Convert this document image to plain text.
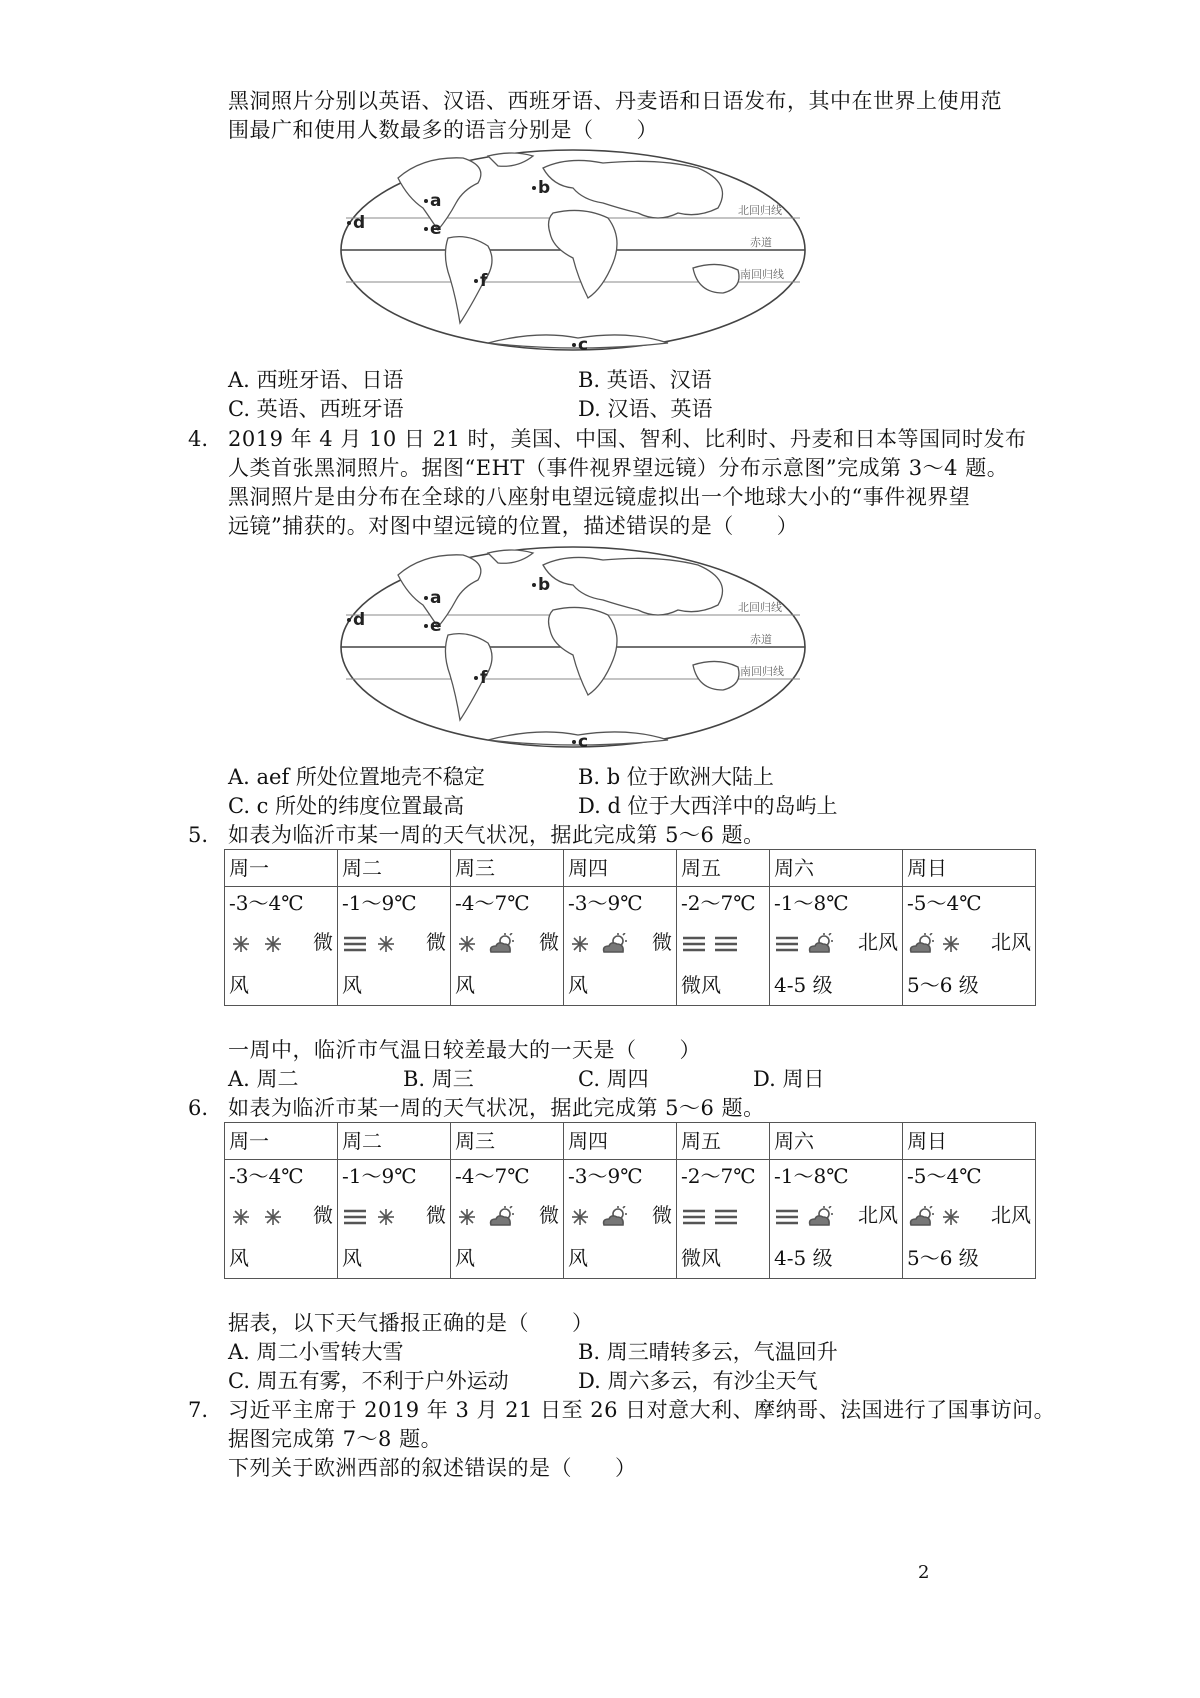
黑洞照片分别以英语、汉语、西班牙语、丹麦语和日语发布，其中在世界上使用范
围最广和使用人数最多的语言分别是（　　）
a
b
c
d	e
f
北回归线
赤道
南回归线
A. 西班牙语、日语	B. 英语、汉语
C. 英语、西班牙语	D. 汉语、英语
4. 2019 年 4 月 10 日 21 时，美国、中国、智利、比利时、丹麦和日本等国同时发布
人类首张黑洞照片。据图“EHT（事件视界望远镜）分布示意图”完成第 3～4 题。
黑洞照片是由分布在全球的八座射电望远镜虚拟出一个地球大小的“事件视界望
远镜”捕获的。对图中望远镜的位置，描述错误的是（　　）
a
b
c
d	e
f
北回归线
赤道
南回归线
A. aef 所处位置地壳不稳定	B. b 位于欧洲大陆上
C. c 所处的纬度位置最高	D. d 位于大西洋中的岛屿上
5. 如表为临沂市某一周的天气状况，据此完成第 5～6 题。
周一	周二	周三	周四	周五	周六	周日
-3～4℃	-1～9℃	-4～7℃	-3～9℃	-2～7℃	-1～8℃	-5～4℃
微	微	微	微		北风	北风
风	风	风	风	微风	4-5 级	5～6 级
一周中，临沂市气温日较差最大的一天是（　　）
A. 周二	B. 周三	C. 周四	D. 周日
6. 如表为临沂市某一周的天气状况，据此完成第 5～6 题。
周一	周二	周三	周四	周五	周六	周日
-3～4℃	-1～9℃	-4～7℃	-3～9℃	-2～7℃	-1～8℃	-5～4℃
微	微	微	微		北风	北风
风	风	风	风	微风	4-5 级	5～6 级
据表，以下天气播报正确的是（　　）
A. 周二小雪转大雪	B. 周三晴转多云，气温回升
C. 周五有雾，不利于户外运动	D. 周六多云，有沙尘天气
7. 习近平主席于 2019 年 3 月 21 日至 26 日对意大利、摩纳哥、法国进行了国事访问。
据图完成第 7～8 题。
下列关于欧洲西部的叙述错误的是（　　）
2
